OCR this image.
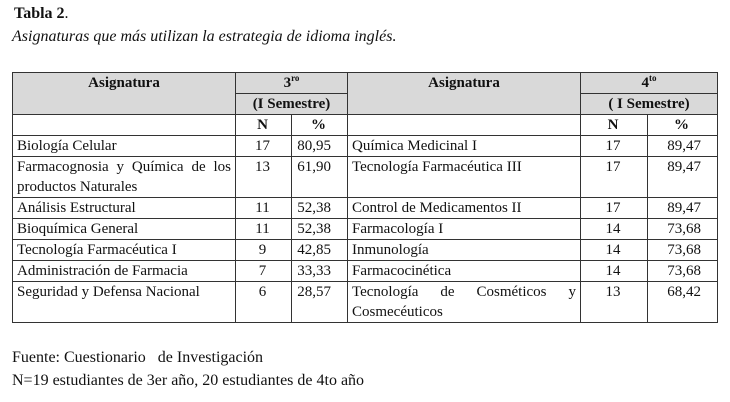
Tabla 2.
Asignaturas que más utilizan la estrategia de idioma inglés.
Asignatura	$3^{ro}$		Asignatura	$4^{to}$
	(I Semestre)			( I Semestre)	
	N	%		N	%
Biología Celular	17	80,95	Química Medicinal I	17	89,47
Farmacognosia y Química de los productos Naturales	13	61,90	Tecnología Farmacéutica III	17	89,47
Análisis Estructural	11	52,38	Control de Medicamentos II	17	89,47
Bioquímica General	11	52,38	Farmacología I	14	73,68
Tecnología Farmacéutica I	9	42,85	Inmunología	14	73,68
Administración de Farmacia	7	33,33	Farmacocinética	14	73,68
Seguridad y Defensa Nacional	6	28,57	Tecnología de Cosméticos y Cosmecéuticos	13	68,42
Fuente: Cuestionario   de Investigación
N=19 estudiantes de 3er año, 20 estudiantes de 4to año
